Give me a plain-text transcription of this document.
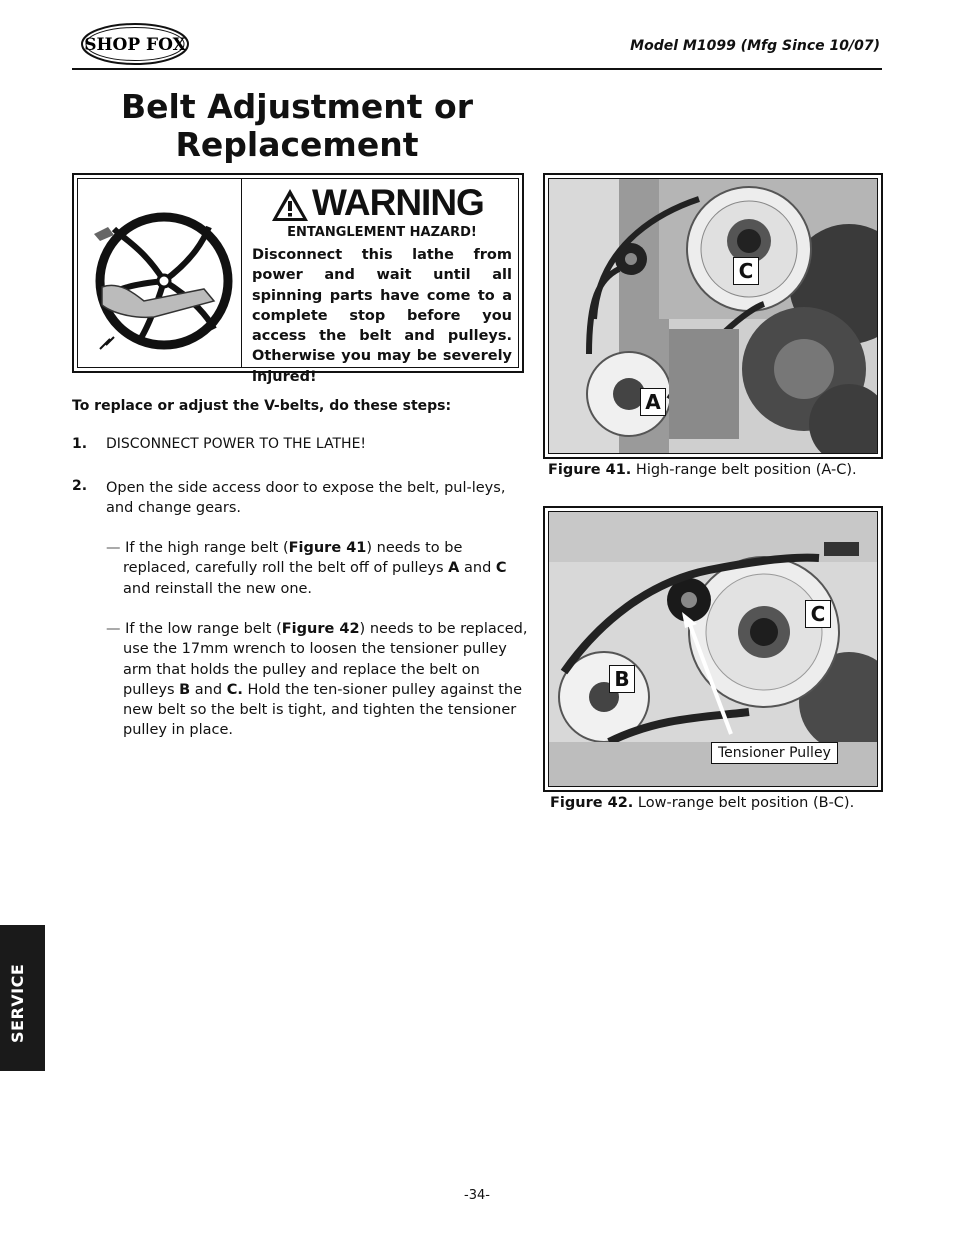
SHOP FOX	Model M1099 (Mfg Since 10/07)
Belt Adjustment or
Replacement
WARNING
ENTANGLEMENT HAZARD!
Disconnect this lathe from power and wait until all spinning parts have come to a complete stop before you access the belt and pulleys. Otherwise you may be severely injured!
To replace or adjust the V-belts, do these steps:
1. DISCONNECT POWER TO THE LATHE!
2. Open the side access door to expose the belt, pul-leys, and change gears.
— If the high range belt (Figure 41) needs to be replaced, carefully roll the belt off of pulleys A and C and reinstall the new one.
— If the low range belt (Figure 42) needs to be replaced, use the 17mm wrench to loosen the tensioner pulley arm that holds the pulley and replace the belt on pulleys B and C. Hold the ten-sioner pulley against the new belt so the belt is tight, and tighten the tensioner pulley in place.
C
A
Figure 41. High-range belt position (A-C).
C
B
Tensioner Pulley
Figure 42. Low-range belt position (B-C).
SERVICE
-34-
